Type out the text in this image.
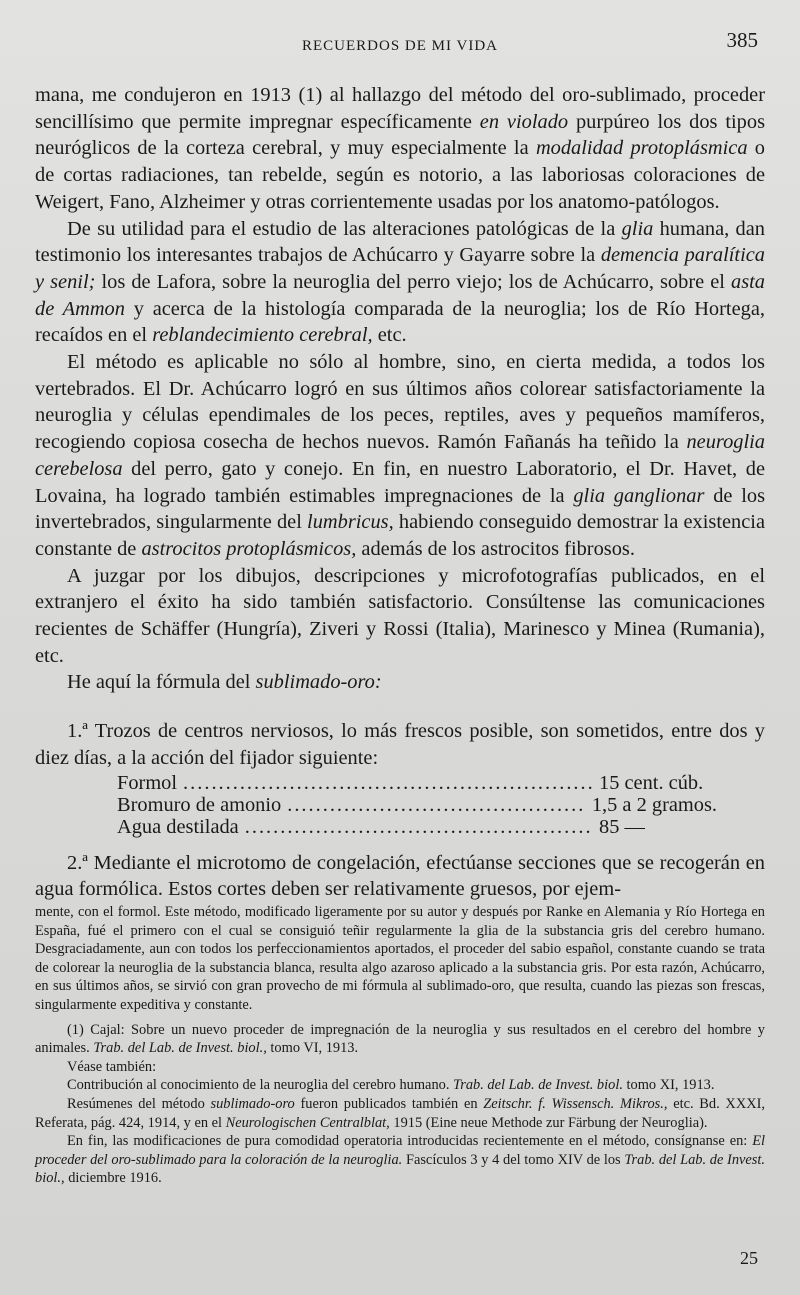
RECUERDOS DE MI VIDA	385

mana, me condujeron en 1913 (1) al hallazgo del método del oro-sublimado, proceder sencillísimo que permite impregnar específicamente en violado purpúreo los dos tipos neuróglicos de la corteza cerebral, y muy especialmente la modalidad protoplásmica o de cortas radiaciones, tan rebelde, según es notorio, a las laboriosas coloraciones de Weigert, Fano, Alzheimer y otras corrientemente usadas por los anatomo-patólogos.

De su utilidad para el estudio de las alteraciones patológicas de la glia humana, dan testimonio los interesantes trabajos de Achúcarro y Gayarre sobre la demencia paralítica y senil; los de Lafora, sobre la neuroglia del perro viejo; los de Achúcarro, sobre el asta de Ammon y acerca de la histología comparada de la neuroglia; los de Río Hortega, recaídos en el reblandecimiento cerebral, etc.

El método es aplicable no sólo al hombre, sino, en cierta medida, a todos los vertebrados. El Dr. Achúcarro logró en sus últimos años colorear satisfactoriamente la neuroglia y células ependimales de los peces, reptiles, aves y pequeños mamíferos, recogiendo copiosa cosecha de hechos nuevos. Ramón Fañanás ha teñido la neuroglia cerebelosa del perro, gato y conejo. En fin, en nuestro Laboratorio, el Dr. Havet, de Lovaina, ha logrado también estimables impregnaciones de la glia ganglionar de los invertebrados, singularmente del lumbricus, habiendo conseguido demostrar la existencia constante de astrocitos protoplásmicos, además de los astrocitos fibrosos.

A juzgar por los dibujos, descripciones y microfotografías publicados, en el extranjero el éxito ha sido también satisfactorio. Consúltense las comunicaciones recientes de Schäffer (Hungría), Ziveri y Rossi (Italia), Marinesco y Minea (Rumania), etc.

He aquí la fórmula del sublimado-oro:

1.ª Trozos de centros nerviosos, lo más frescos posible, son sometidos, entre dos y diez días, a la acción del fijador siguiente:

Formol .....	15 cent. cúb.
Bromuro de amonio .....	1,5 a 2 gramos.
Agua destilada .....	85 —

2.ª Mediante el microtomo de congelación, efectúanse secciones que se recogerán en agua formólica. Estos cortes deben ser relativamente gruesos, por ejem-

mente, con el formol. Este método, modificado ligeramente por su autor y después por Ranke en Alemania y Río Hortega en España, fué el primero con el cual se consiguió teñir regularmente la glia de la substancia gris del cerebro humano. Desgraciadamente, aun con todos los perfeccionamientos aportados, el proceder del sabio español, constante cuando se trata de colorear la neuroglia de la substancia blanca, resulta algo azaroso aplicado a la substancia gris. Por esta razón, Achúcarro, en sus últimos años, se sirvió con gran provecho de mi fórmula al sublimado-oro, que resulta, cuando las piezas son frescas, singularmente expeditiva y constante.

(1) Cajal: Sobre un nuevo proceder de impregnación de la neuroglia y sus resultados en el cerebro del hombre y animales. Trab. del Lab. de Invest. biol., tomo VI, 1913.

Véase también:

Contribución al conocimiento de la neuroglia del cerebro humano. Trab. del Lab. de Invest. biol. tomo XI, 1913.

Resúmenes del método sublimado-oro fueron publicados también en Zeitschr. f. Wissensch. Mikros., etc. Bd. XXXI, Referata, pág. 424, 1914, y en el Neurologischen Centralblat, 1915 (Eine neue Methode zur Färbung der Neuroglia).

En fin, las modificaciones de pura comodidad operatoria introducidas recientemente en el método, consígnanse en: El proceder del oro-sublimado para la coloración de la neuroglia. Fascículos 3 y 4 del tomo XIV de los Trab. del Lab. de Invest. biol., diciembre 1916.

25
